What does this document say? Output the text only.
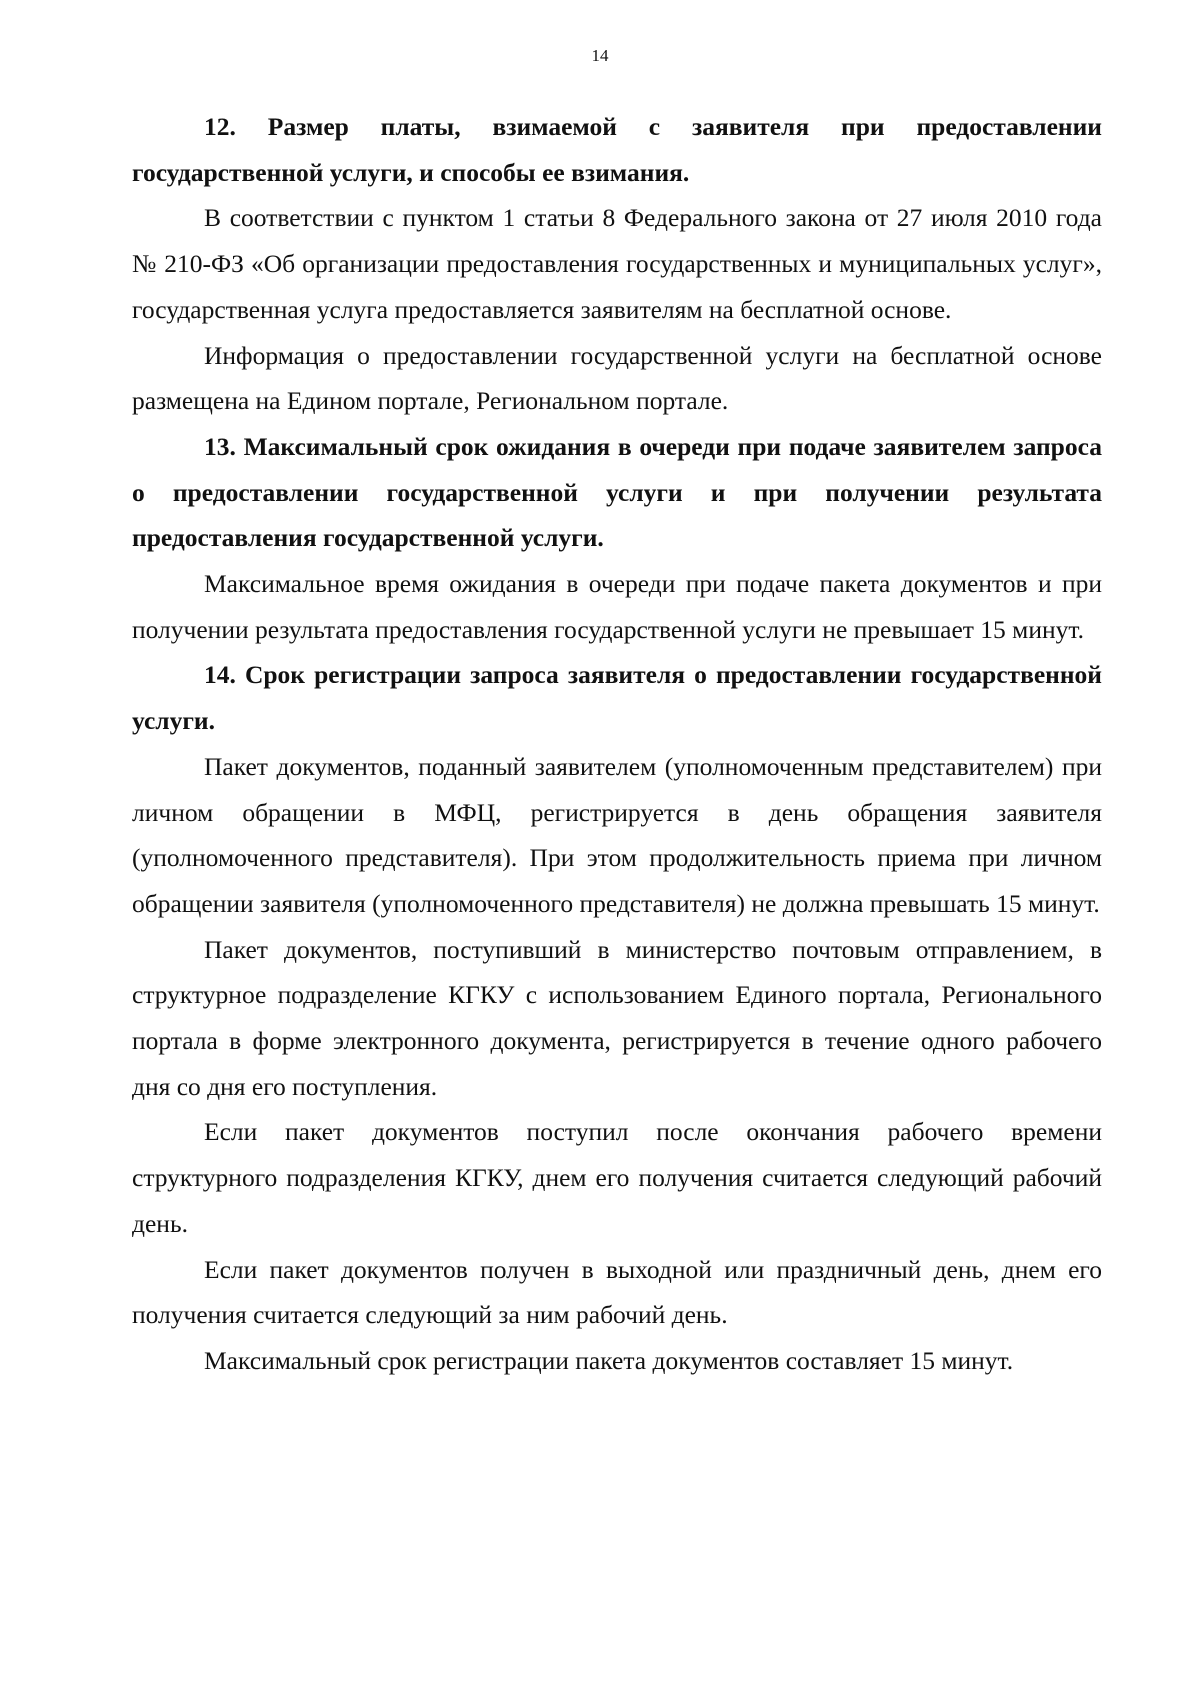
14

12. Размер платы, взимаемой с заявителя при предоставлении государственной услуги, и способы ее взимания.

В соответствии с пунктом 1 статьи 8 Федерального закона от 27 июля 2010 года № 210-ФЗ «Об организации предоставления государственных и муниципальных услуг», государственная услуга предоставляется заявителям на бесплатной основе.

Информация о предоставлении государственной услуги на бесплатной основе размещена на Едином портале, Региональном портале.

13. Максимальный срок ожидания в очереди при подаче заявителем запроса о предоставлении государственной услуги и при получении результата предоставления государственной услуги.

Максимальное время ожидания в очереди при подаче пакета документов и при получении результата предоставления государственной услуги не превышает 15 минут.

14. Срок регистрации запроса заявителя о предоставлении государственной услуги.

Пакет документов, поданный заявителем (уполномоченным представителем) при личном обращении в МФЦ, регистрируется в день обращения заявителя (уполномоченного представителя). При этом продолжительность приема при личном обращении заявителя (уполномоченного представителя) не должна превышать 15 минут.

Пакет документов, поступивший в министерство почтовым отправлением, в структурное подразделение КГКУ с использованием Единого портала, Регионального портала в форме электронного документа, регистрируется в течение одного рабочего дня со дня его поступления.

Если пакет документов поступил после окончания рабочего времени структурного подразделения КГКУ, днем его получения считается следующий рабочий день.

Если пакет документов получен в выходной или праздничный день, днем его получения считается следующий за ним рабочий день.

Максимальный срок регистрации пакета документов составляет 15 минут.
